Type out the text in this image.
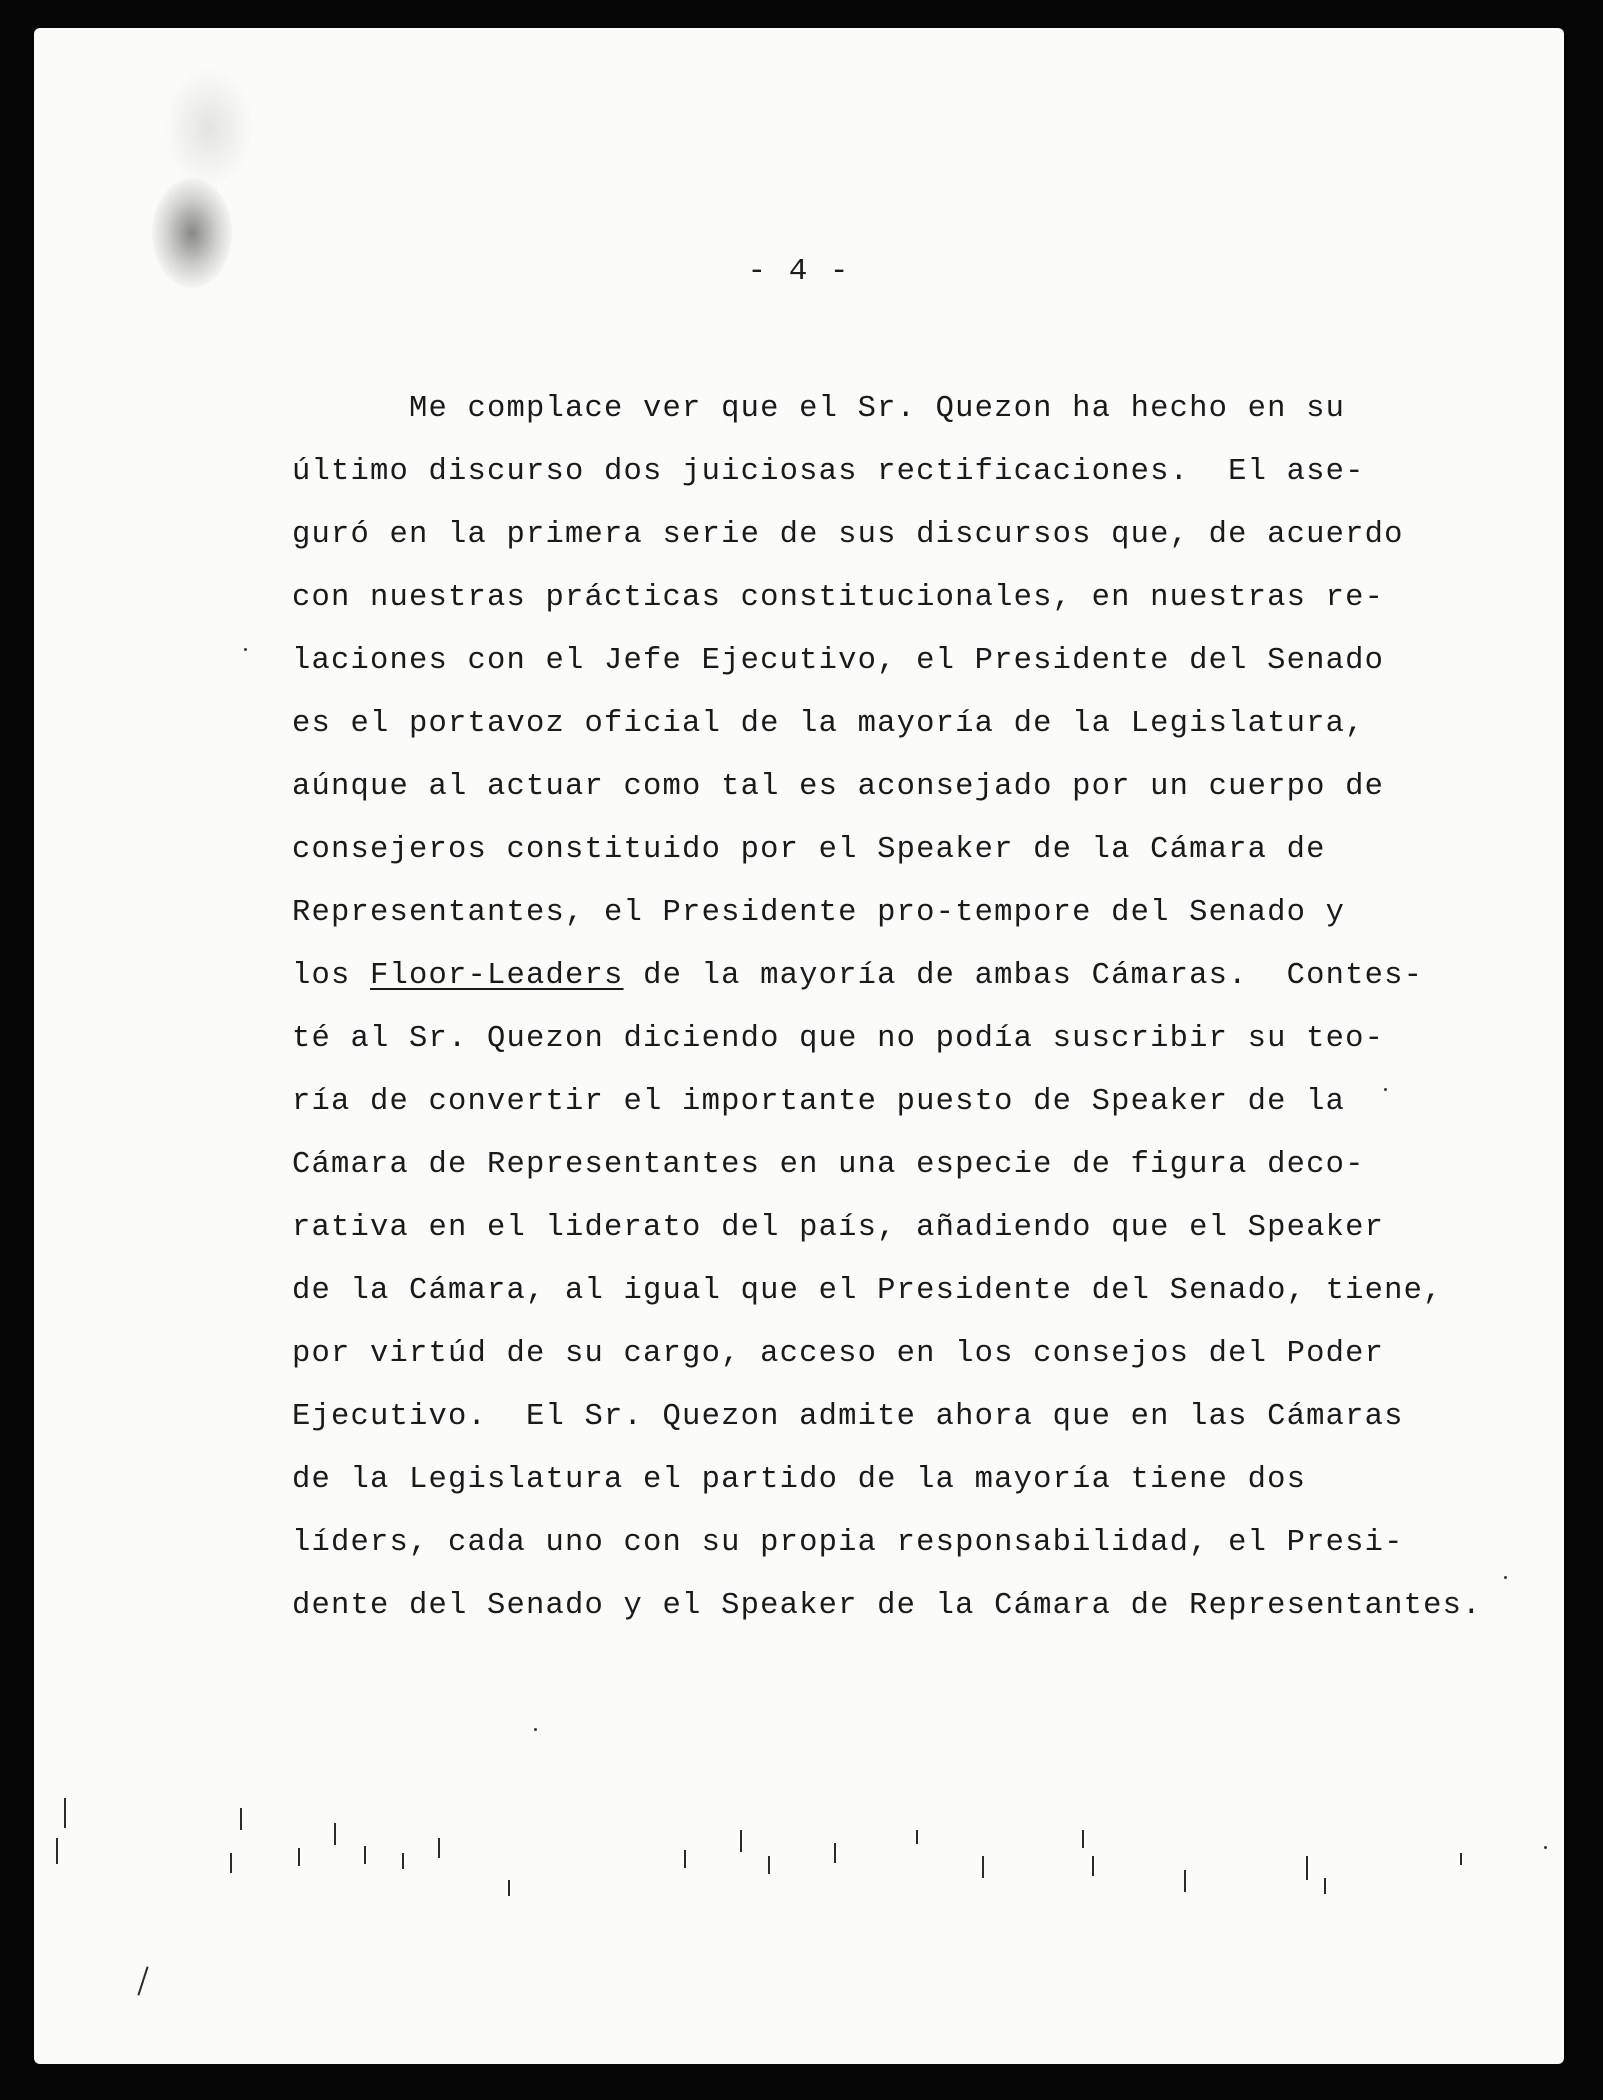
- 4 -
Me complace ver que el Sr. Quezon ha hecho en su
último discurso dos juiciosas rectificaciones.  El ase-
guró en la primera serie de sus discursos que, de acuerdo
con nuestras prácticas constitucionales, en nuestras re-
laciones con el Jefe Ejecutivo, el Presidente del Senado
es el portavoz oficial de la mayoría de la Legislatura,
aúnque al actuar como tal es aconsejado por un cuerpo de
consejeros constituido por el Speaker de la Cámara de
Representantes, el Presidente pro-tempore del Senado y
los Floor-Leaders de la mayoría de ambas Cámaras.  Contes-
té al Sr. Quezon diciendo que no podía suscribir su teo-
ría de convertir el importante puesto de Speaker de la
Cámara de Representantes en una especie de figura deco-
rativa en el liderato del país, añadiendo que el Speaker
de la Cámara, al igual que el Presidente del Senado, tiene,
por virtúd de su cargo, acceso en los consejos del Poder
Ejecutivo.  El Sr. Quezon admite ahora que en las Cámaras
de la Legislatura el partido de la mayoría tiene dos
líders, cada uno con su propia responsabilidad, el Presi-
dente del Senado y el Speaker de la Cámara de Representantes.
